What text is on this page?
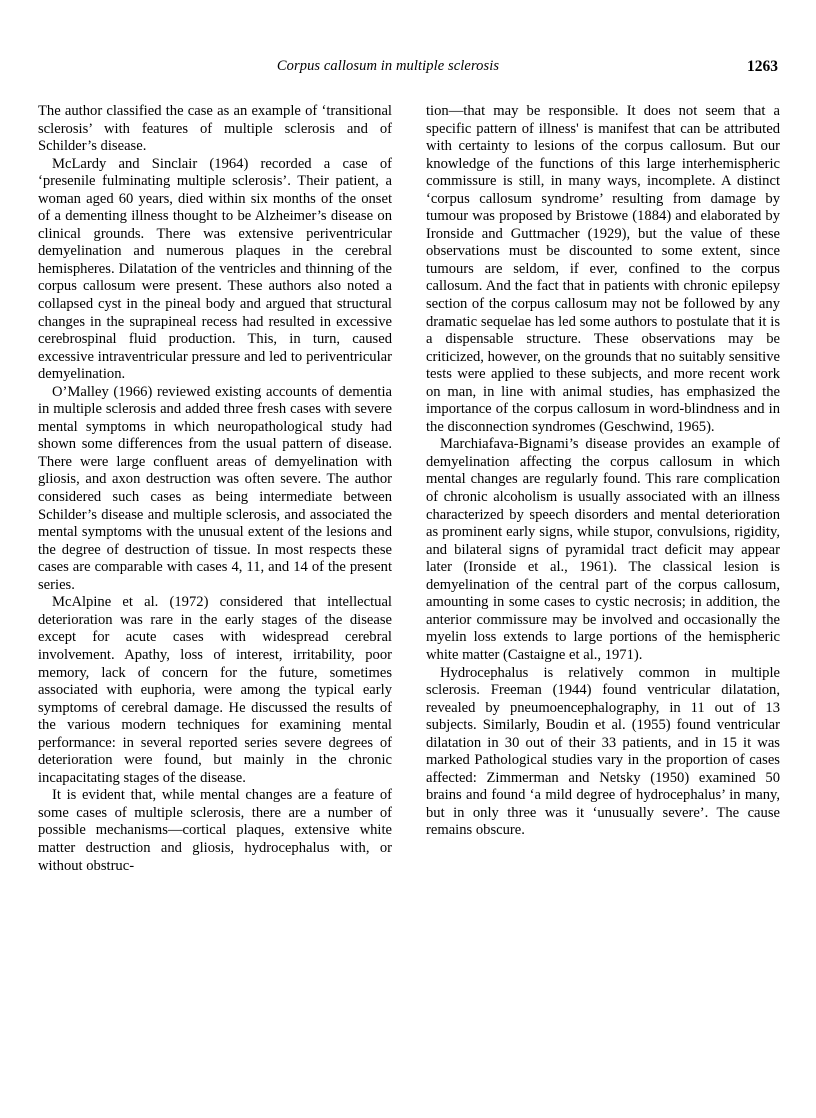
Corpus callosum in multiple sclerosis	1263

The author classified the case as an example of ‘transitional sclerosis’ with features of multiple sclerosis and of Schilder’s disease.

McLardy and Sinclair (1964) recorded a case of ‘presenile fulminating multiple sclerosis’. Their patient, a woman aged 60 years, died within six months of the onset of a dementing illness thought to be Alzheimer’s disease on clinical grounds. There was extensive periventricular demyelination and numerous plaques in the cerebral hemispheres. Dilatation of the ventricles and thinning of the corpus callosum were present. These authors also noted a collapsed cyst in the pineal body and argued that structural changes in the suprapineal recess had resulted in excessive cerebrospinal fluid production. This, in turn, caused excessive intraventricular pressure and led to periventricular demyelination.

O’Malley (1966) reviewed existing accounts of dementia in multiple sclerosis and added three fresh cases with severe mental symptoms in which neuropathological study had shown some differences from the usual pattern of disease. There were large confluent areas of demyelination with gliosis, and axon destruction was often severe. The author considered such cases as being intermediate between Schilder’s disease and multiple sclerosis, and associated the mental symptoms with the unusual extent of the lesions and the degree of destruction of tissue. In most respects these cases are comparable with cases 4, 11, and 14 of the present series.

McAlpine et al. (1972) considered that intellectual deterioration was rare in the early stages of the disease except for acute cases with widespread cerebral involvement. Apathy, loss of interest, irritability, poor memory, lack of concern for the future, sometimes associated with euphoria, were among the typical early symptoms of cerebral damage. He discussed the results of the various modern techniques for examining mental performance: in several reported series severe degrees of deterioration were found, but mainly in the chronic incapacitating stages of the disease.

It is evident that, while mental changes are a feature of some cases of multiple sclerosis, there are a number of possible mechanisms—cortical plaques, extensive white matter destruction and gliosis, hydrocephalus with, or without obstruc-

tion—that may be responsible. It does not seem that a specific pattern of illness' is manifest that can be attributed with certainty to lesions of the corpus callosum. But our knowledge of the functions of this large interhemispheric commissure is still, in many ways, incomplete. A distinct ‘corpus callosum syndrome’ resulting from damage by tumour was proposed by Bristowe (1884) and elaborated by Ironside and Guttmacher (1929), but the value of these observations must be discounted to some extent, since tumours are seldom, if ever, confined to the corpus callosum. And the fact that in patients with chronic epilepsy section of the corpus callosum may not be followed by any dramatic sequelae has led some authors to postulate that it is a dispensable structure. These observations may be criticized, however, on the grounds that no suitably sensitive tests were applied to these subjects, and more recent work on man, in line with animal studies, has emphasized the importance of the corpus callosum in word-blindness and in the disconnection syndromes (Geschwind, 1965).

Marchiafava-Bignami’s disease provides an example of demyelination affecting the corpus callosum in which mental changes are regularly found. This rare complication of chronic alcoholism is usually associated with an illness characterized by speech disorders and mental deterioration as prominent early signs, while stupor, convulsions, rigidity, and bilateral signs of pyramidal tract deficit may appear later (Ironside et al., 1961). The classical lesion is demyelination of the central part of the corpus callosum, amounting in some cases to cystic necrosis; in addition, the anterior commissure may be involved and occasionally the myelin loss extends to large portions of the hemispheric white matter (Castaigne et al., 1971).

Hydrocephalus is relatively common in multiple sclerosis. Freeman (1944) found ventricular dilatation, revealed by pneumoencephalography, in 11 out of 13 subjects. Similarly, Boudin et al. (1955) found ventricular dilatation in 30 out of their 33 patients, and in 15 it was marked Pathological studies vary in the proportion of cases affected: Zimmerman and Netsky (1950) examined 50 brains and found ‘a mild degree of hydrocephalus’ in many, but in only three was it ‘unusually severe’. The cause remains obscure.
